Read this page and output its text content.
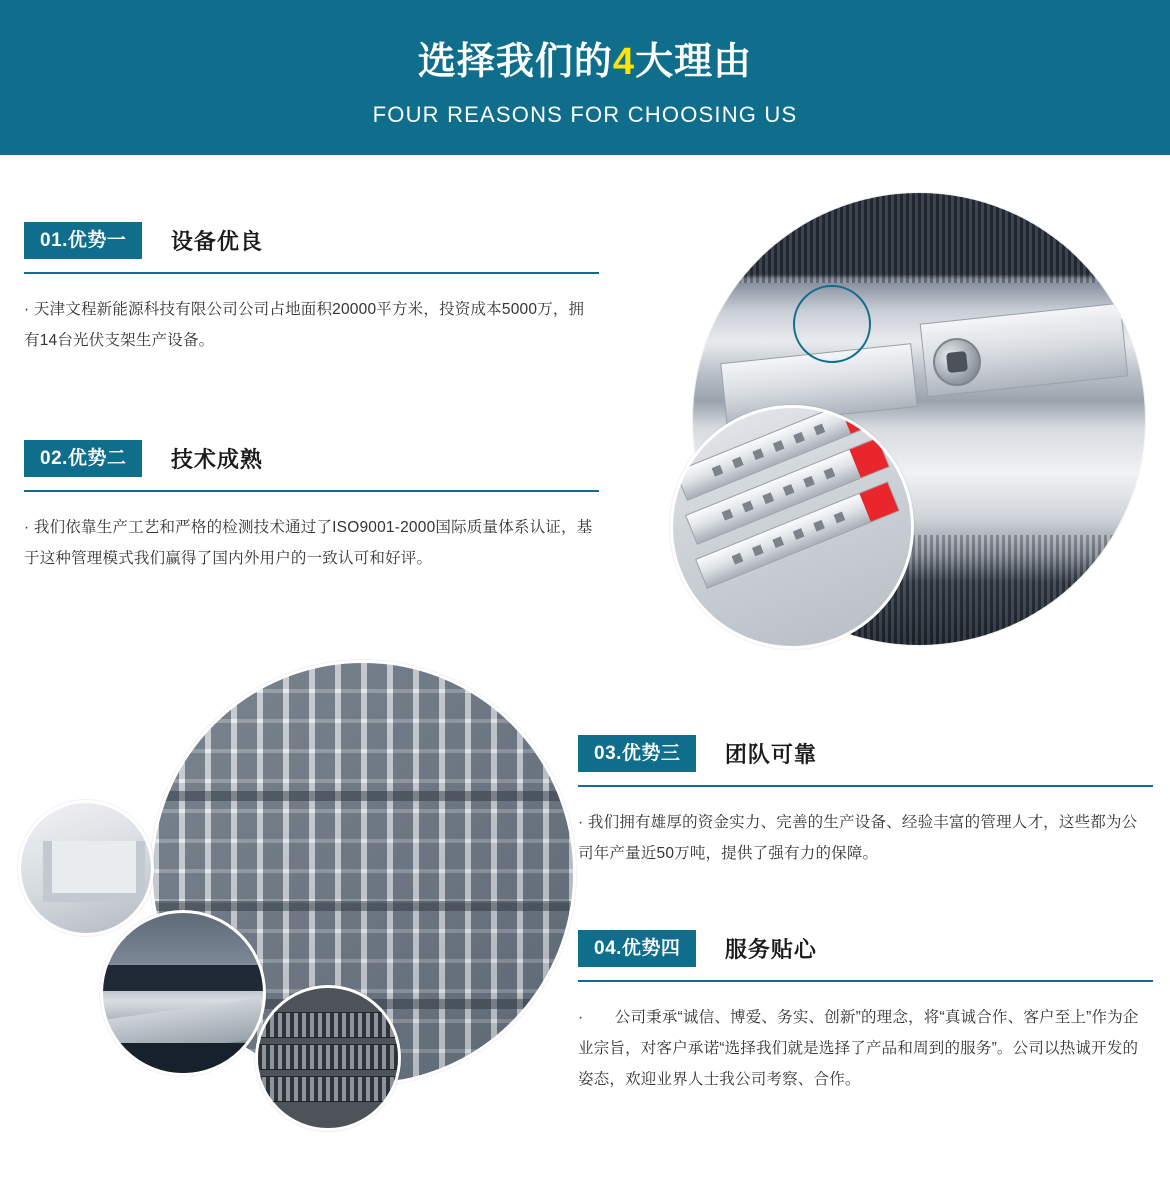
选择我们的4大理由

FOUR REASONS FOR CHOOSING US

01.优势一 设备优良

· 天津文程新能源科技有限公司公司占地面积20000平方米，投资成本5000万，拥有14台光伏支架生产设备。

02.优势二 技术成熟

· 我们依靠生产工艺和严格的检测技术通过了ISO9001-2000国际质量体系认证，基于这种管理模式我们赢得了国内外用户的一致认可和好评。

03.优势三 团队可靠

· 我们拥有雄厚的资金实力、完善的生产设备、经验丰富的管理人才，这些都为公司年产量近50万吨，提供了强有力的保障。

04.优势四 服务贴心

·　　公司秉承“诚信、博爱、务实、创新”的理念，将“真诚合作、客户至上”作为企业宗旨，对客户承诺“选择我们就是选择了产品和周到的服务”。公司以热诚开发的姿态，欢迎业界人士我公司考察、合作。
